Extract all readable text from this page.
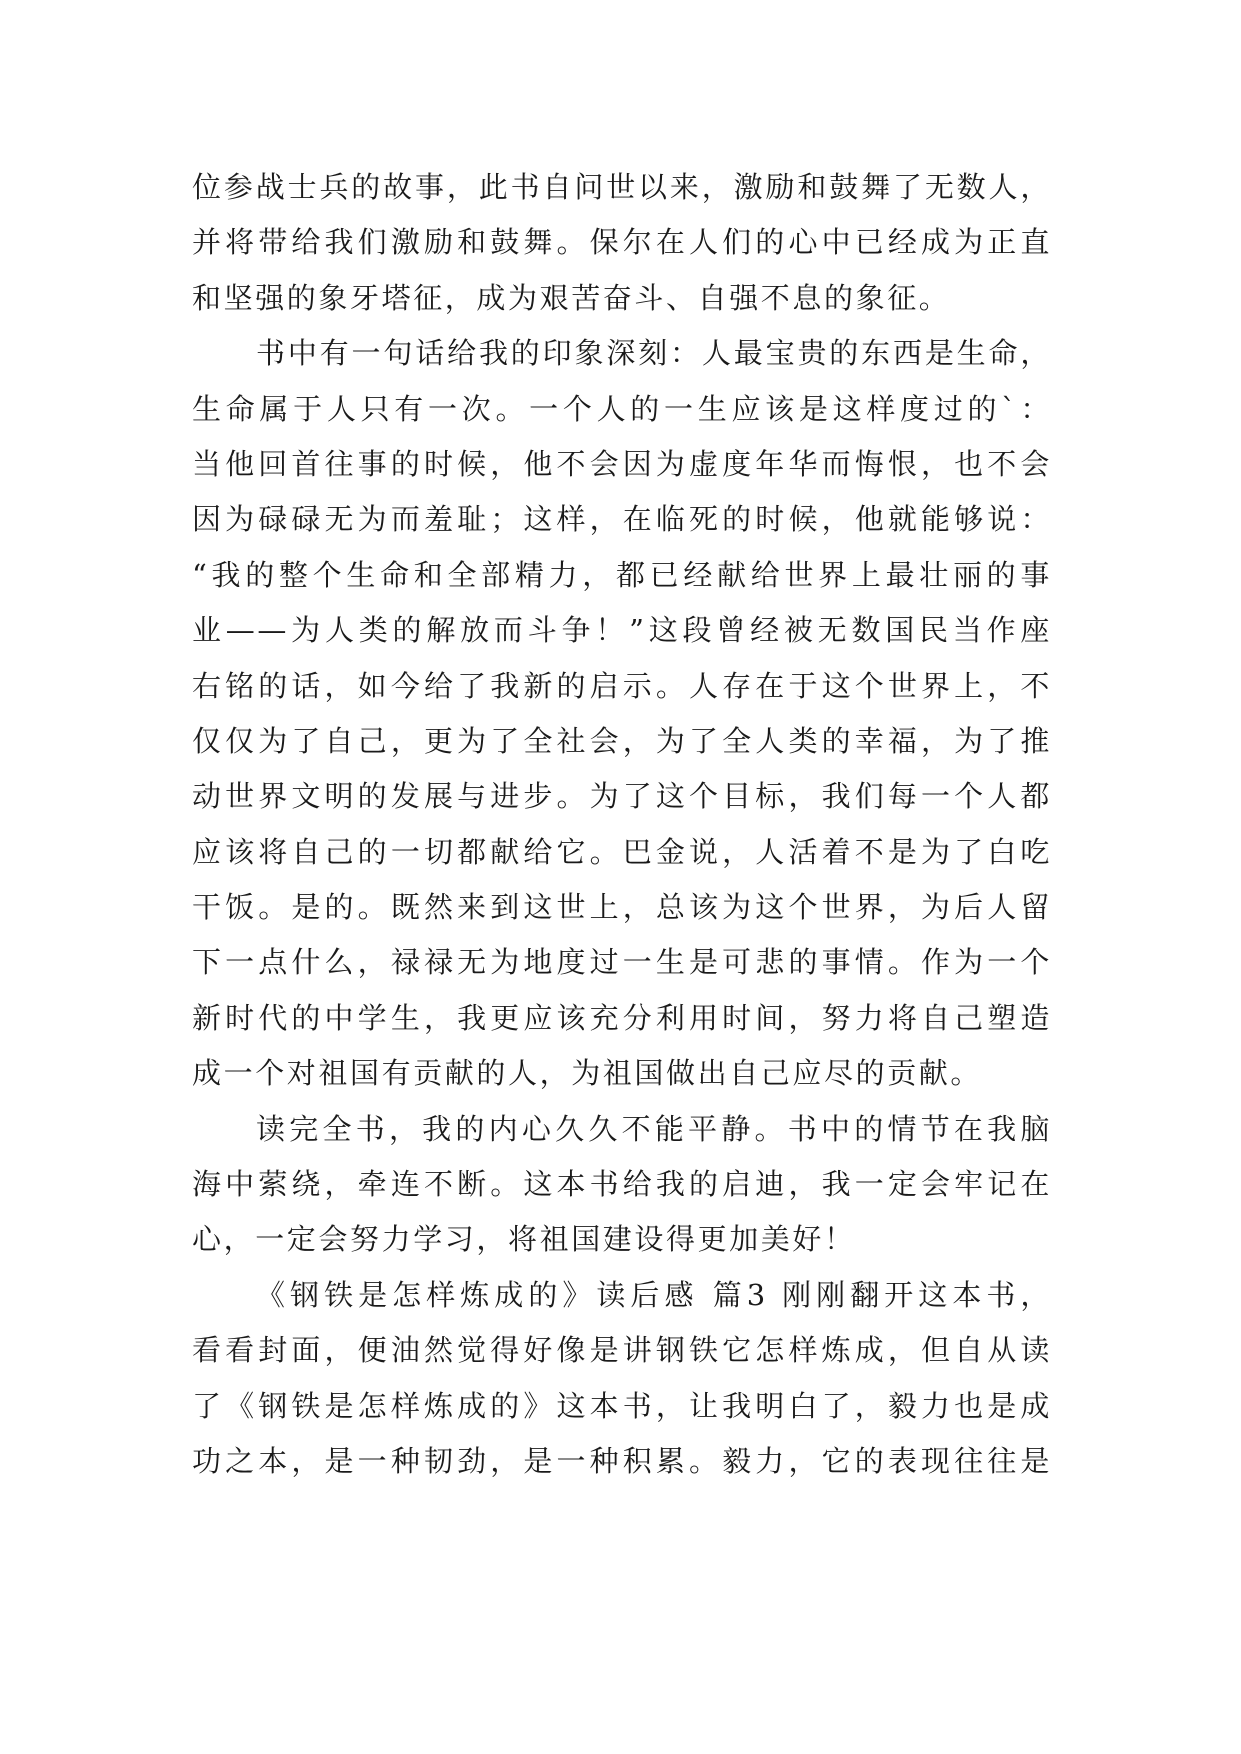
位参战士兵的故事，此书自问世以来，激励和鼓舞了无数人，
并将带给我们激励和鼓舞。保尔在人们的心中已经成为正直
和坚强的象牙塔征，成为艰苦奋斗、自强不息的象征。
书中有一句话给我的印象深刻：人最宝贵的东西是生命，
生命属于人只有一次。一个人的一生应该是这样度过的`：
当他回首往事的时候，他不会因为虚度年华而悔恨，也不会
因为碌碌无为而羞耻；这样，在临死的时候，他就能够说：
“我的整个生命和全部精力，都已经献给世界上最壮丽的事
业——为人类的解放而斗争！”这段曾经被无数国民当作座
右铭的话，如今给了我新的启示。人存在于这个世界上，不
仅仅为了自己，更为了全社会，为了全人类的幸福，为了推
动世界文明的发展与进步。为了这个目标，我们每一个人都
应该将自己的一切都献给它。巴金说，人活着不是为了白吃
干饭。是的。既然来到这世上，总该为这个世界，为后人留
下一点什么，禄禄无为地度过一生是可悲的事情。作为一个
新时代的中学生，我更应该充分利用时间，努力将自己塑造
成一个对祖国有贡献的人，为祖国做出自己应尽的贡献。
读完全书，我的内心久久不能平静。书中的情节在我脑
海中萦绕，牵连不断。这本书给我的启迪，我一定会牢记在
心，一定会努力学习，将祖国建设得更加美好！
《钢铁是怎样炼成的》读后感 篇3 刚刚翻开这本书，
看看封面，便油然觉得好像是讲钢铁它怎样炼成，但自从读
了《钢铁是怎样炼成的》这本书，让我明白了，毅力也是成
功之本，是一种韧劲，是一种积累。毅力，它的表现往往是
